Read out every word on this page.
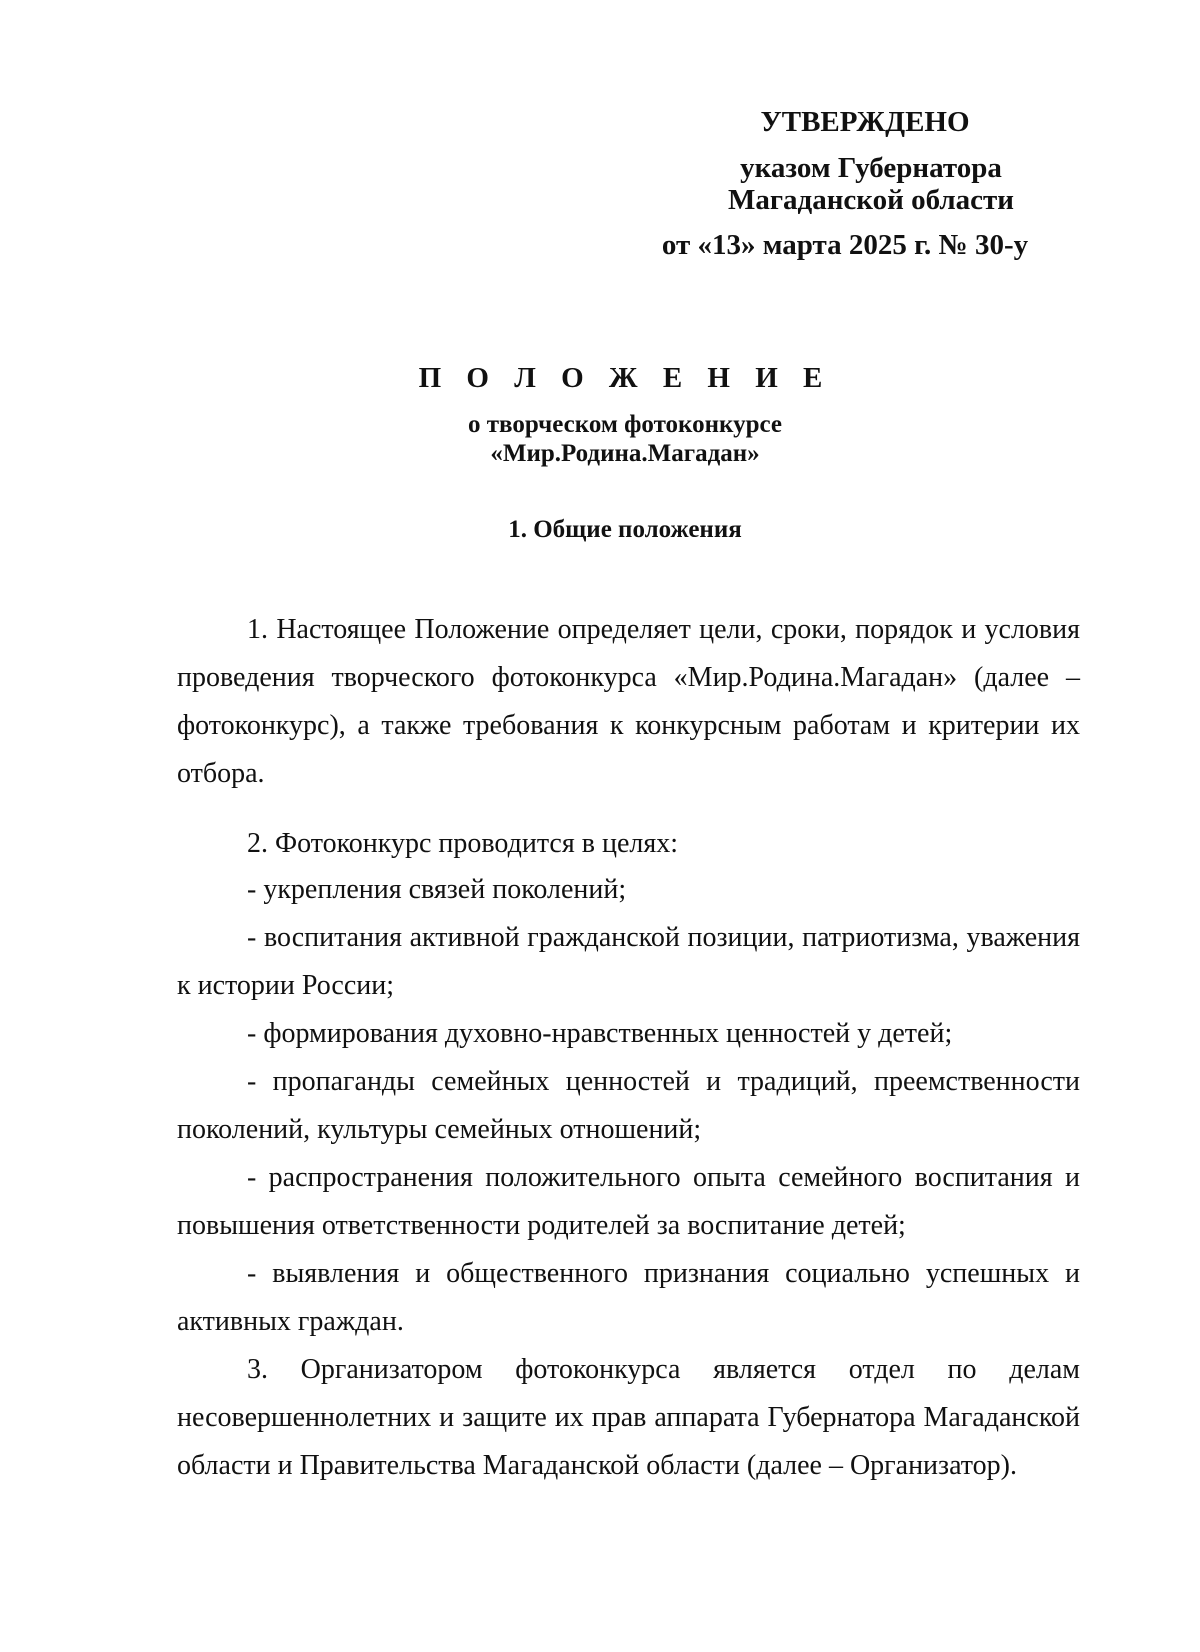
УТВЕРЖДЕНО
указом Губернатора
Магаданской области
от «13» марта 2025 г. № 30-у
П О Л О Ж Е Н И Е
о творческом фотоконкурсе
«Мир.Родина.Магадан»
1. Общие положения

1. Настоящее Положение определяет цели, сроки, порядок и условия проведения творческого фотоконкурса «Мир.Родина.Магадан» (далее – фотоконкурс), а также требования к конкурсным работам и критерии их отбора.

2. Фотоконкурс проводится в целях:

- укрепления связей поколений;

- воспитания активной гражданской позиции, патриотизма, уважения к истории России;

- формирования духовно-нравственных ценностей у детей;

- пропаганды семейных ценностей и традиций, преемственности поколений, культуры семейных отношений;

- распространения положительного опыта семейного воспитания и повышения ответственности родителей за воспитание детей;

- выявления и общественного признания социально успешных и активных граждан.

3. Организатором фотоконкурса является отдел по делам несовершеннолетних и защите их прав аппарата Губернатора Магаданской области и Правительства Магаданской области (далее – Организатор).
